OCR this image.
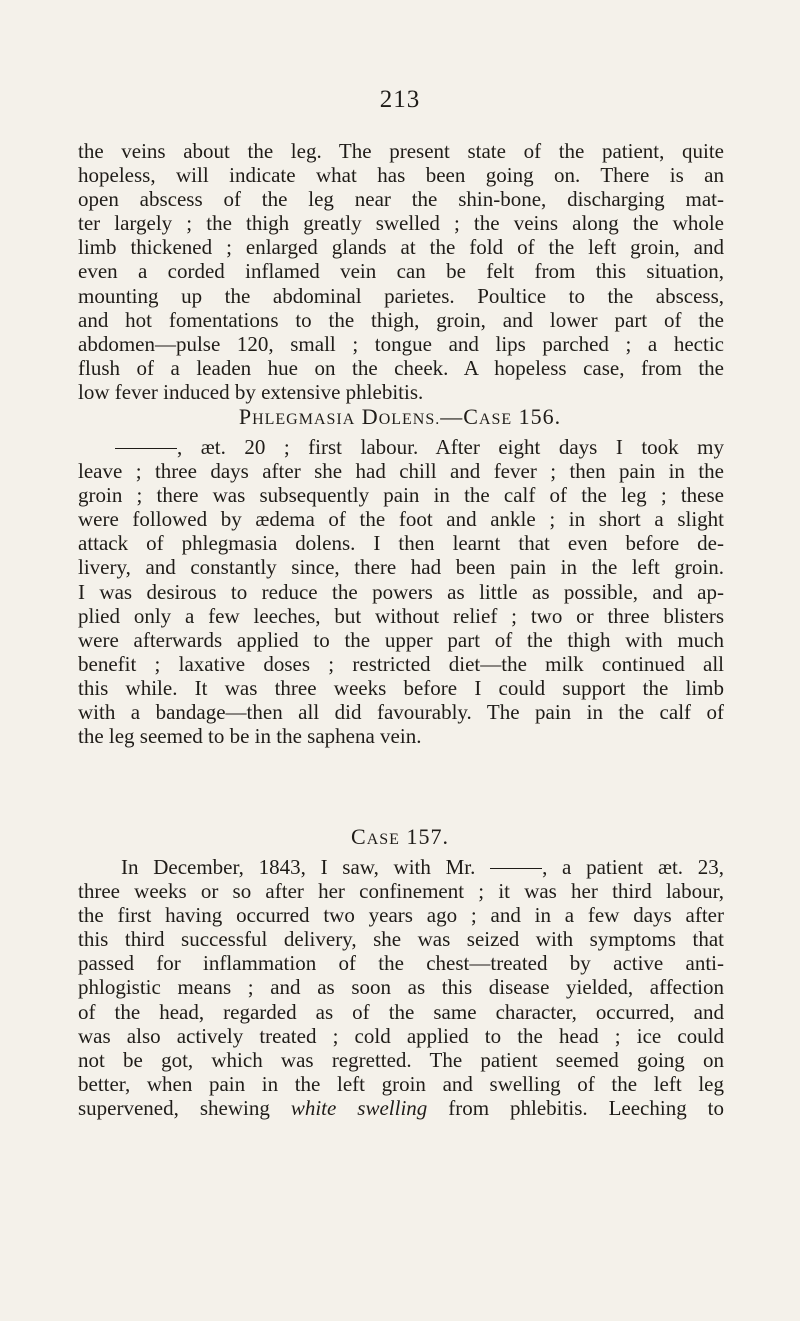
213
the veins about the leg. The present state of the patient, quite
hopeless, will indicate what has been going on. There is an
open abscess of the leg near the shin-bone, discharging mat-
ter largely ; the thigh greatly swelled ; the veins along the whole
limb thickened ; enlarged glands at the fold of the left groin, and
even a corded inflamed vein can be felt from this situation,
mounting up the abdominal parietes. Poultice to the abscess,
and hot fomentations to the thigh, groin, and lower part of the
abdomen—pulse 120, small ; tongue and lips parched ; a hectic
flush of a leaden hue on the cheek. A hopeless case, from the
low fever induced by extensive phlebitis.
PHLEGMASIA DOLENS.—CASE 156.
, æt. 20 ; first labour. After eight days I took my
leave ; three days after she had chill and fever ; then pain in the
groin ; there was subsequently pain in the calf of the leg ; these
were followed by ædema of the foot and ankle ; in short a slight
attack of phlegmasia dolens. I then learnt that even before de-
livery, and constantly since, there had been pain in the left groin.
I was desirous to reduce the powers as little as possible, and ap-
plied only a few leeches, but without relief ; two or three blisters
were afterwards applied to the upper part of the thigh with much
benefit ; laxative doses ; restricted diet—the milk continued all
this while. It was three weeks before I could support the limb
with a bandage—then all did favourably. The pain in the calf of
the leg seemed to be in the saphena vein.
CASE 157.
In December, 1843, I saw, with Mr.	, a patient æt. 23,
three weeks or so after her confinement ; it was her third labour,
the first having occurred two years ago ; and in a few days after
this third successful delivery, she was seized with symptoms that
passed for inflammation of the chest—treated by active anti-
phlogistic means ; and as soon as this disease yielded, affection
of the head, regarded as of the same character, occurred, and
was also actively treated ; cold applied to the head ; ice could
not be got, which was regretted. The patient seemed going on
better, when pain in the left groin and swelling of the left leg
supervened, shewing white swelling from phlebitis. Leeching to
